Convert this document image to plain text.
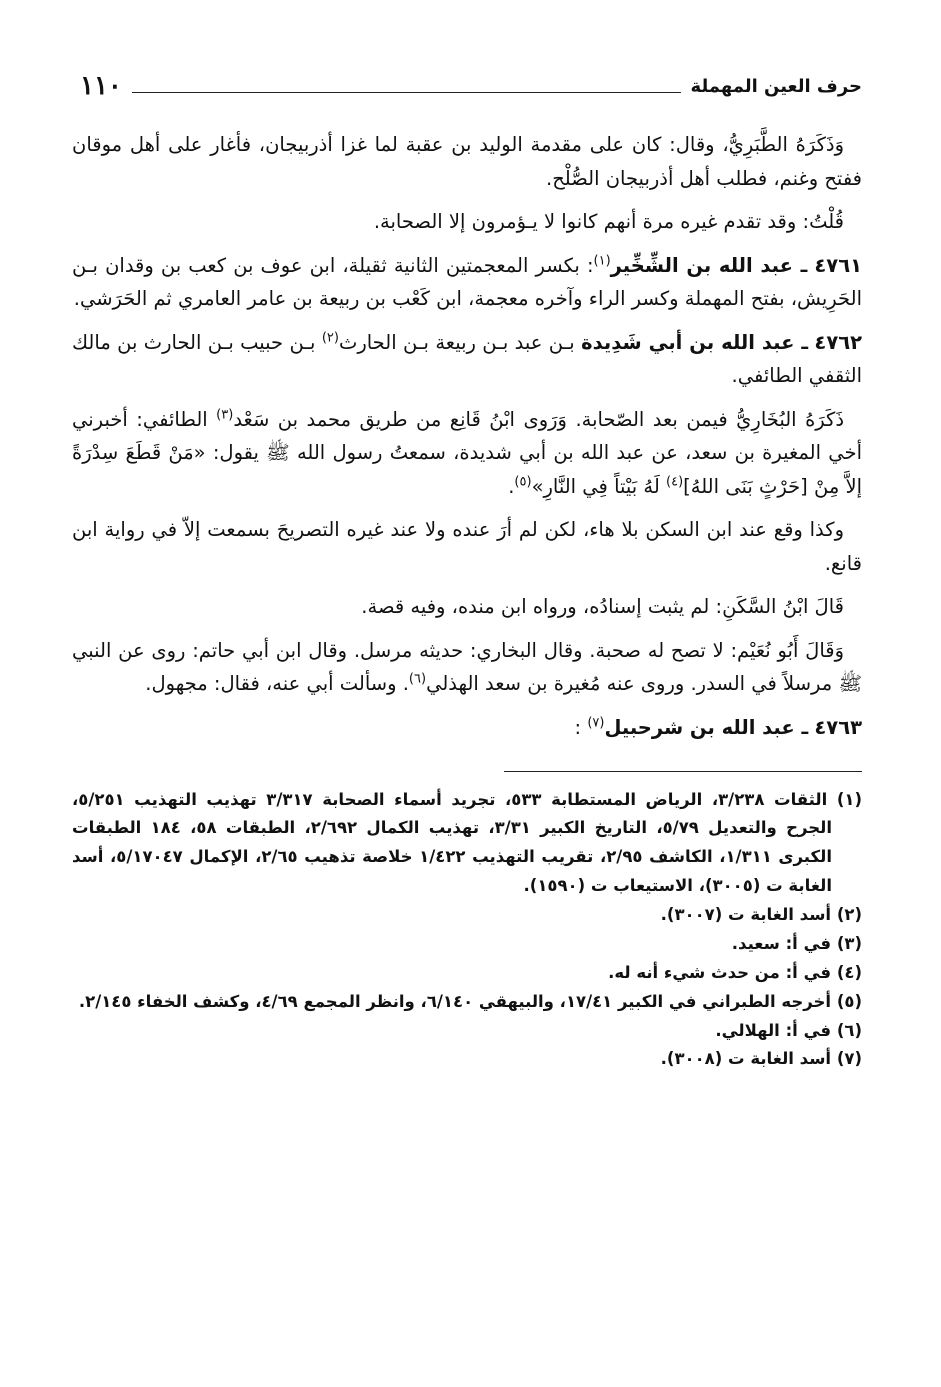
حرف العين المهملة
١١٠

وَذَكَرَهُ الطَّبَرِيُّ، وقال: كان على مقدمة الوليد بن عقبة لما غزا أذربيجان، فأغار على أهل موقان ففتح وغنم، فطلب أهل أذربيجان الصُّلْح.

قُلْتُ: وقد تقدم غيره مرة أنهم كانوا لا يـؤمرون إلا الصحابة.

٤٧٦١ ـ عبد الله بن الشِّخِّير$^{(١)}$: بكسر المعجمتين الثانية ثقيلة، ابن عوف بن كعب بن وقدان بـن الحَرِيش، بفتح المهملة وكسر الراء وآخره معجمة، ابن كَعْب بن ربيعة بن عامر العامري ثم الحَرَشي.

٤٧٦٢ ـ عبد الله بن أبي شَدِيدة بـن عبد بـن ربيعة بـن الحارث$^{(٢)}$ بـن حبيب بـن الحارث بن مالك الثقفي الطائفي.

ذَكَرَهُ البُخَارِيُّ فيمن بعد الصّحابة. وَرَوى ابْنُ قَانِع من طريق محمد بن سَعْد$^{(٣)}$ الطائفي: أخبرني أخي المغيرة بن سعد، عن عبد الله بن أبي شديدة، سمعتُ رسول الله ﷺ يقول: «مَنْ قَطَعَ سِدْرَةً إلاَّ مِنْ [حَرْثٍ بَنَى اللهُ]$^{(٤)}$ لَهُ بَيْتاً فِي النَّارِ»$^{(٥)}$.

وكذا وقع عند ابن السكن بلا هاء، لكن لم أرَ عنده ولا عند غيره التصريحَ بسمعت إلاّ في رواية ابن قانع.

قَالَ ابْنُ السَّكَنِ: لم يثبت إسنادُه، ورواه ابن منده، وفيه قصة.

وَقَالَ أَبُو نُعَيْم: لا تصح له صحبة. وقال البخاري: حديثه مرسل. وقال ابن أبي حاتم: روى عن النبي ﷺ مرسلاً في السدر. وروى عنه مُغيرة بن سعد الهذلي$^{(٦)}$. وسألت أبي عنه، فقال: مجهول.

٤٧٦٣ ـ عبد الله بن شرحبيل$^{(٧)}$ :

(١) الثقات ٣/٢٣٨، الرياض المستطابة ٥٣٣، تجريد أسماء الصحابة ٣/٣١٧ تهذيب التهذيب ٥/٢٥١، الجرح والتعديل ٥/٧٩، التاريخ الكبير ٣/٣١، تهذيب الكمال ٢/٦٩٢، الطبقات ٥٨، ١٨٤ الطبقات الكبرى ١/٣١١، الكاشف ٢/٩٥، تقريب التهذيب ١/٤٢٢ خلاصة تذهيب ٢/٦٥، الإكمال ٥/١٧٠٤٧، أسد الغابة ت (٣٠٠٥)، الاستيعاب ت (١٥٩٠).

(٢) أسد الغابة ت (٣٠٠٧).

(٣) في أ: سعيد.

(٤) في أ: من حدث شيء أنه له.

(٥) أخرجه الطبراني في الكبير ١٧/٤١، والبيهقي ٦/١٤٠، وانظر المجمع ٤/٦٩، وكشف الخفاء ٢/١٤٥.

(٦) في أ: الهلالي.

(٧) أسد الغابة ت (٣٠٠٨).
